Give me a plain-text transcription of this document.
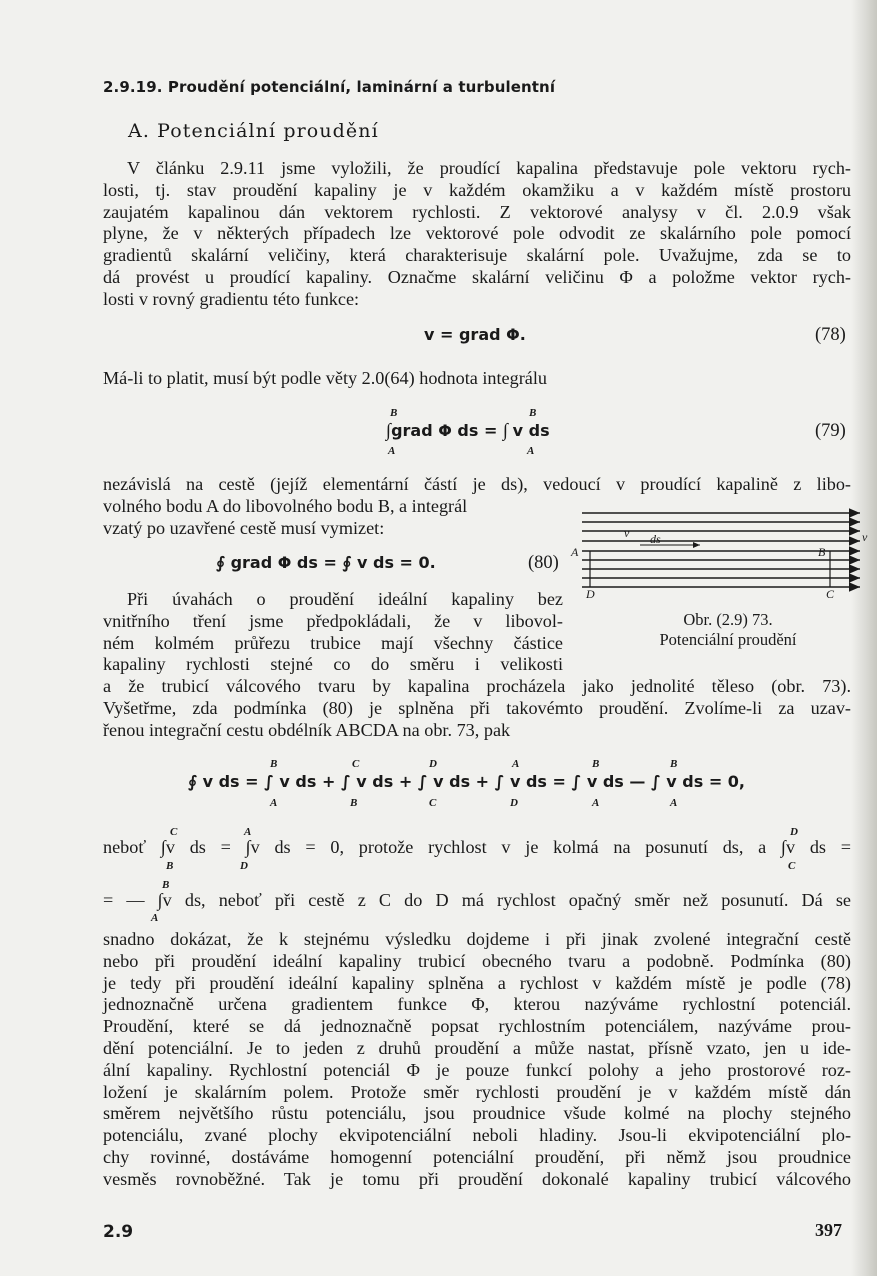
2.9.19. Proudění potenciální, laminární a turbulentní
A. Potenciální proudění
V článku 2.9.11 jsme vyložili, že proudící kapalina představuje pole vektoru rych-
losti, tj. stav proudění kapaliny je v každém okamžiku a v každém místě prostoru
zaujatém kapalinou dán vektorem rychlosti. Z vektorové analysy v čl. 2.0.9 však
plyne, že v některých případech lze vektorové pole odvodit ze skalárního pole pomocí
gradientů skalární veličiny, která charakterisuje skalární pole. Uvažujme, zda se to
dá provést u proudící kapaliny. Označme skalární veličinu Φ a položme vektor rych-
losti v rovný gradientu této funkce:
v = grad Φ.	(78)
Má-li to platit, musí být podle věty 2.0(64) hodnota integrálu
B
A
B
A
∫grad Φ ds = ∫ v ds	(79)
nezávislá na cestě (jejíž elementární částí je ds), vedoucí v proudící kapalině z libo-
volného bodu A do libovolného bodu B, a integrál
vzatý po uzavřené cestě musí vymizet:
∮ grad Φ ds = ∮ v ds = 0.	(80)
v ds
A	B
C
D
v
Obr. (2.9) 73.
Potenciální proudění
Při úvahách o proudění ideální kapaliny bez
vnitřního tření jsme předpokládali, že v libovol-
ném kolmém průřezu trubice mají všechny částice
kapaliny rychlosti stejné co do směru i velikosti
a že trubicí válcového tvaru by kapalina procházela jako jednolité těleso (obr. 73).
Vyšetřme, zda podmínka (80) je splněna při takovémto proudění. Zvolíme-li za uzav-
řenou integrační cestu obdélník ABCDA na obr. 73, pak
∮ v ds = ∫ v ds + ∫ v ds + ∫ v ds + ∫ v ds = ∫ v ds — ∫ v ds = 0,
B	C	D	A	B	B
A	B	C	D	A	A
neboť ∫v ds = ∫v ds = 0, protože rychlost v je kolmá na posunutí ds, a ∫v ds =
C
B
A
D
D
C
= — ∫v ds, neboť při cestě z C do D má rychlost opačný směr než posunutí. Dá se
B
A
snadno dokázat, že k stejnému výsledku dojdeme i při jinak zvolené integrační cestě
nebo při proudění ideální kapaliny trubicí obecného tvaru a podobně. Podmínka (80)
je tedy při proudění ideální kapaliny splněna a rychlost v každém místě je podle (78)
jednoznačně určena gradientem funkce Φ, kterou nazýváme rychlostní potenciál.
Proudění, které se dá jednoznačně popsat rychlostním potenciálem, nazýváme prou-
dění potenciální. Je to jeden z druhů proudění a může nastat, přísně vzato, jen u ide-
ální kapaliny. Rychlostní potenciál Φ je pouze funkcí polohy a jeho prostorové roz-
ložení je skalárním polem. Protože směr rychlosti proudění je v každém místě dán
směrem největšího růstu potenciálu, jsou proudnice všude kolmé na plochy stejného
potenciálu, zvané plochy ekvipotenciální neboli hladiny. Jsou-li ekvipotenciální plo-
chy rovinné, dostáváme homogenní potenciální proudění, při němž jsou proudnice
vesměs rovnoběžné. Tak je tomu při proudění dokonalé kapaliny trubicí válcového
2.9	397
